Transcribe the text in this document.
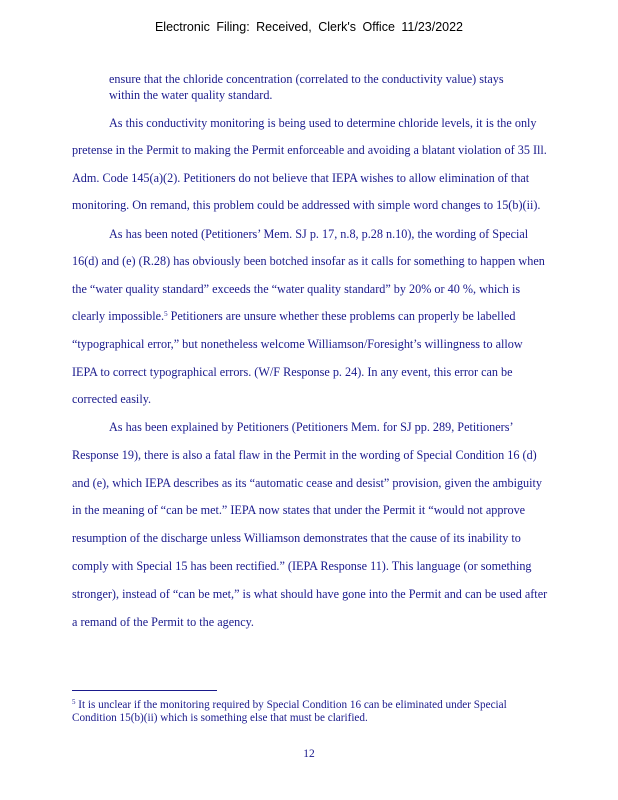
Electronic Filing: Received, Clerk's Office 11/23/2022
ensure that the chloride concentration (correlated to the conductivity value) stays
within the water quality standard.
As this conductivity monitoring is being used to determine chloride levels, it is the only
pretense in the Permit to making the Permit enforceable and avoiding a blatant violation of 35 Ill.
Adm. Code 145(a)(2). Petitioners do not believe that IEPA wishes to allow elimination of that
monitoring. On remand, this problem could be addressed with simple word changes to 15(b)(ii).
As has been noted (Petitioners’ Mem. SJ p. 17, n.8, p.28 n.10), the wording of Special
16(d) and (e) (R.28) has obviously been botched insofar as it calls for something to happen when
the “water quality standard” exceeds the “water quality standard” by 20% or 40 %, which is
clearly impossible.$^5$ Petitioners are unsure whether these problems can properly be labelled
“typographical error,” but nonetheless welcome Williamson/Foresight’s willingness to allow
IEPA to correct typographical errors. (W/F Response p. 24). In any event, this error can be
corrected easily.
As has been explained by Petitioners (Petitioners Mem. for SJ pp. 289, Petitioners’
Response 19), there is also a fatal flaw in the Permit in the wording of Special Condition 16 (d)
and (e), which IEPA describes as its “automatic cease and desist” provision, given the ambiguity
in the meaning of “can be met.” IEPA now states that under the Permit it “would not approve
resumption of the discharge unless Williamson demonstrates that the cause of its inability to
comply with Special 15 has been rectified.” (IEPA Response 11). This language (or something
stronger), instead of “can be met,” is what should have gone into the Permit and can be used after
a remand of the Permit to the agency.
$^5$ It is unclear if the monitoring required by Special Condition 16 can be eliminated under Special
Condition 15(b)(ii) which is something else that must be clarified.
12
